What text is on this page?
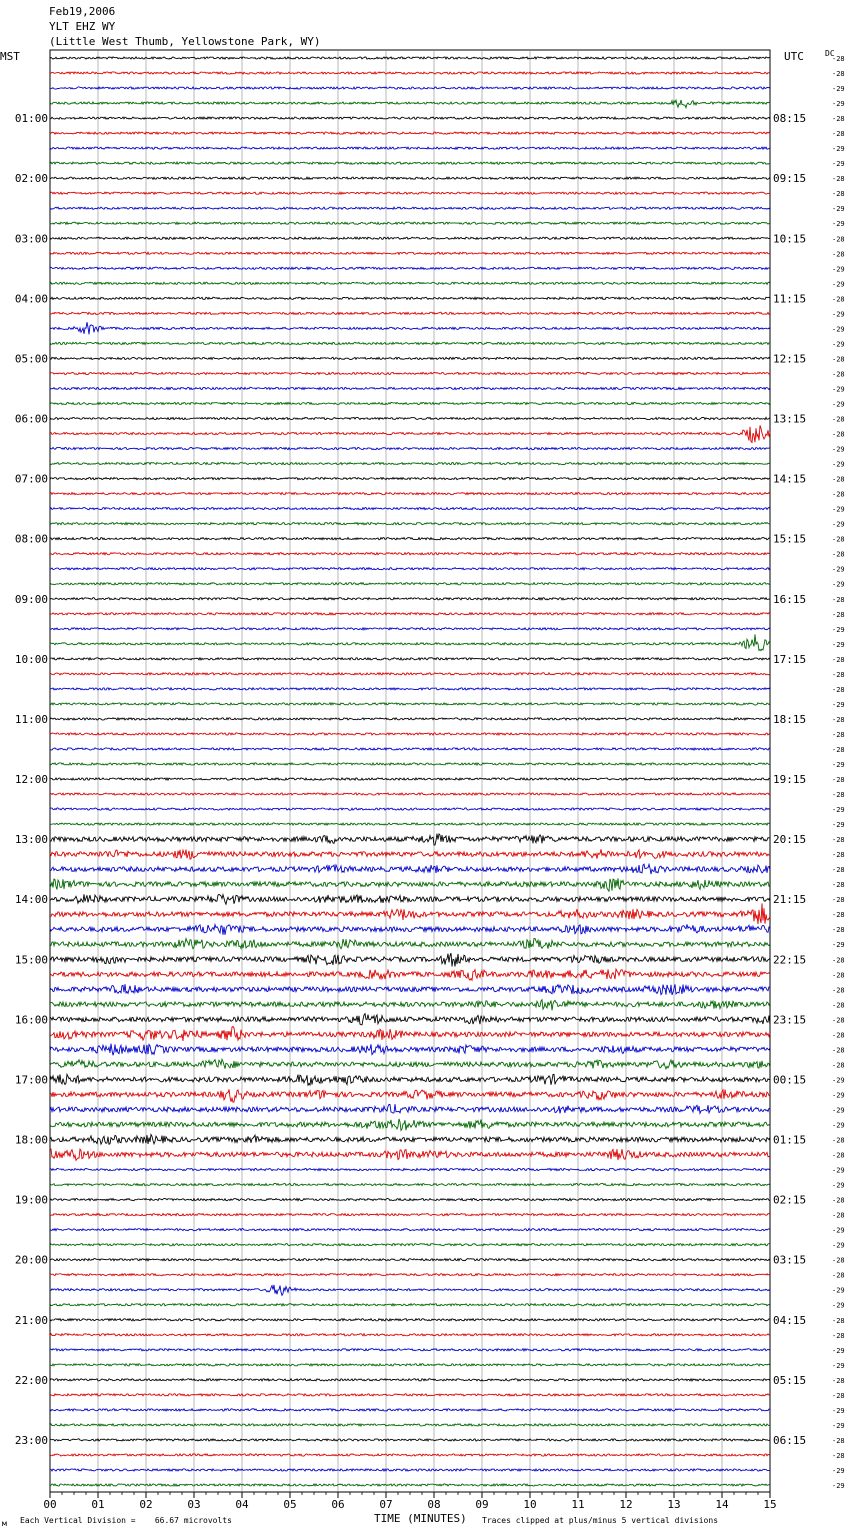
Feb19,2006
YLT EHZ WY
(Little West Thumb, Yellowstone Park, WY)
MST	UTC	DC
-28
-28
-29
-29
-28
01:00	08:15
-28
-29
-29
-28
02:00	09:15
-28
-29
-29
-28
03:00	10:15
-28
-29
-29
-28
04:00	11:15
-29
-29
-29
-28
05:00	12:15
-28
-29
-29
-28
06:00	13:15
-28
-29
-29
-28
07:00	14:15
-28
-29
-29
-28
08:00	15:15
-28
-29
-29
-28
09:00	16:15
-28
-29
-29
-28
10:00	17:15
-28
-28
-29
-28
11:00	18:15
-28
-28
-29
-28
12:00	19:15
-28
-29
-29
-28
13:00	20:15
-28
-28
-28
-28
14:00	21:15
-28
-28
-29
-28
15:00	22:15
-28
-28
-28
-28
16:00	23:15
-28
-28
-28
-29
17:00	00:15
-29
-29
-29
-28
18:00	01:15
-28
-29
-29
-28
19:00	02:15
-28
-29
-29
-28
20:00	03:15
-28
-29
-29
-28
21:00	04:15
-28
-29
-29
-28
22:00	05:15
-28
-29
-29
-28
23:00	06:15
-28
-29
-29
00	01	02	03	04	05	06	07	08	09	10	11	12	13	14	15
м Each Vertical Division =    66.67 microvolts	TIME (MINUTES) Traces clipped at plus/minus 5 vertical divisions
